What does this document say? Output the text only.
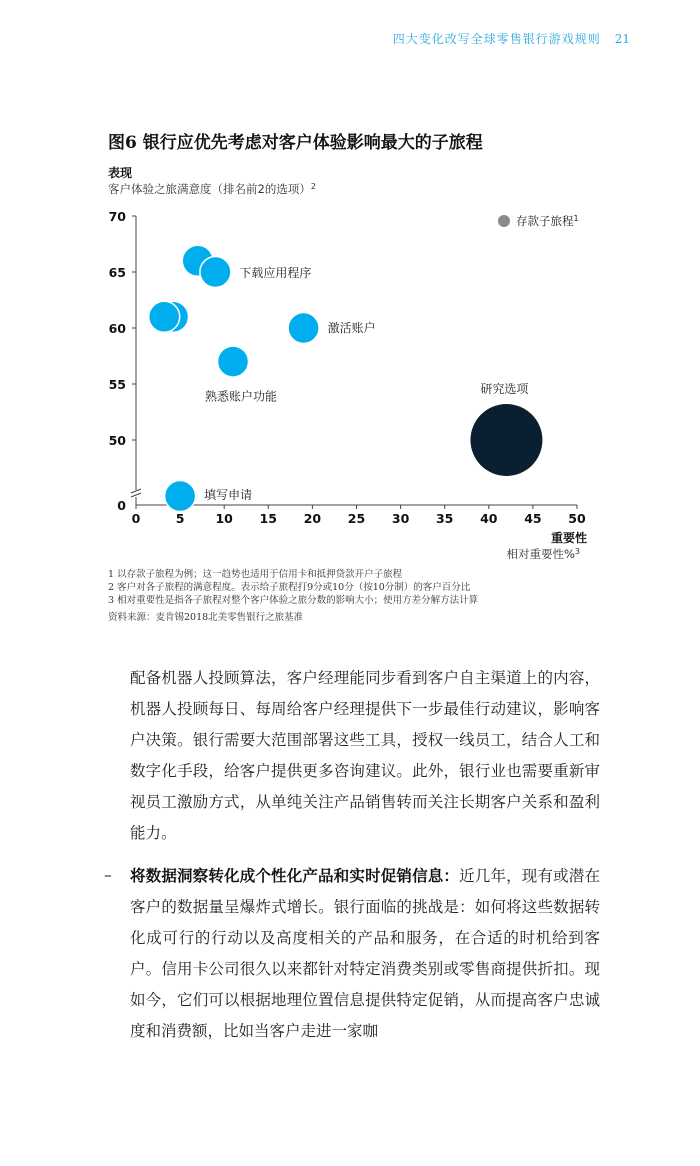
四大变化改写全球零售银行游戏规则 21
图6 银行应优先考虑对客户体验影响最大的子旅程
表现
客户体验之旅满意度（排名前2的选项）$^2$
50
55
60
65
70
0
0	5 10 15 20 25 30 35 40 45 50
下载应用程序
激活账户
熟悉账户功能
填写申请
研究选项
存款子旅程$^1$
重要性
相对重要性%$^3$
1 以存款子旅程为例；这一趋势也适用于信用卡和抵押贷款开户子旅程
2 客户对各子旅程的满意程度。表示给子旅程打9分或10分（按10分制）的客户百分比
3 相对重要性是指各子旅程对整个客户体验之旅分数的影响大小；使用方差分解方法计算
资料来源：麦肯锡2018北美零售银行之旅基准
配备机器人投顾算法，客户经理能同步看到客户自主渠道上的内容，机器人投顾每日、每周给客户经理提供下一步最佳行动建议，影响客户决策。银行需要大范围部署这些工具，授权一线员工，结合人工和数字化手段，给客户提供更多咨询建议。此外，银行业也需要重新审视员工激励方式，从单纯关注产品销售转而关注长期客户关系和盈利能力。
– 将数据洞察转化成个性化产品和实时促销信息：近几年，现有或潜在客户的数据量呈爆炸式增长。银行面临的挑战是：如何将这些数据转化成可行的行动以及高度相关的产品和服务，在合适的时机给到客户。信用卡公司很久以来都针对特定消费类别或零售商提供折扣。现如今，它们可以根据地理位置信息提供特定促销，从而提高客户忠诚度和消费额，比如当客户走进一家咖
